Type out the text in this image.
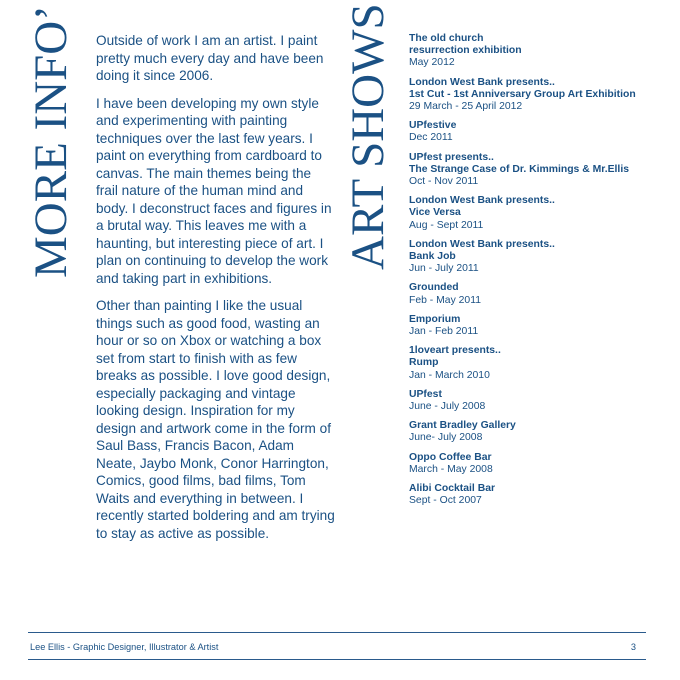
MORE INFO’ Outside of work I am an artist. I paint pretty much every day and have been doing it since 2006.

I have been developing my own style and experimenting with painting techniques over the last few years. I paint on everything from cardboard to canvas. The main themes being the frail nature of the human mind and body. I deconstruct faces and figures in a brutal way. This leaves me with a haunting, but interesting piece of art. I plan on continuing to develop the work and taking part in exhibitions.

Other than painting I like the usual things such as good food, wasting an hour or so on Xbox or watching a box set from start to finish with as few breaks as possible. I love good design, especially packaging and vintage looking design. Inspiration for my design and artwork come in the form of Saul Bass, Francis Bacon, Adam Neate, Jaybo Monk, Conor Harrington, Comics, good films, bad films, Tom Waits and everything in between. I recently started boldering and am trying to stay as active as possible.

ART SHOWS The old church
resurrection exhibition
May 2012
London West Bank presents..
1st Cut - 1st Anniversary Group Art Exhibition
29 March - 25 April 2012
UPfestive
Dec 2011
UPfest presents..
The Strange Case of Dr. Kimmings & Mr.Ellis
Oct - Nov 2011
London West Bank presents..
Vice Versa
Aug - Sept 2011
London West Bank presents..
Bank Job
Jun - July 2011
Grounded
Feb - May 2011
Emporium
Jan - Feb 2011
1loveart presents..
Rump
Jan - March 2010
UPfest
June - July 2008
Grant Bradley Gallery
June- July 2008
Oppo Coffee Bar
March - May 2008
Alibi Cocktail Bar
Sept - Oct 2007
Lee Ellis - Graphic Designer, Illustrator & Artist	3
